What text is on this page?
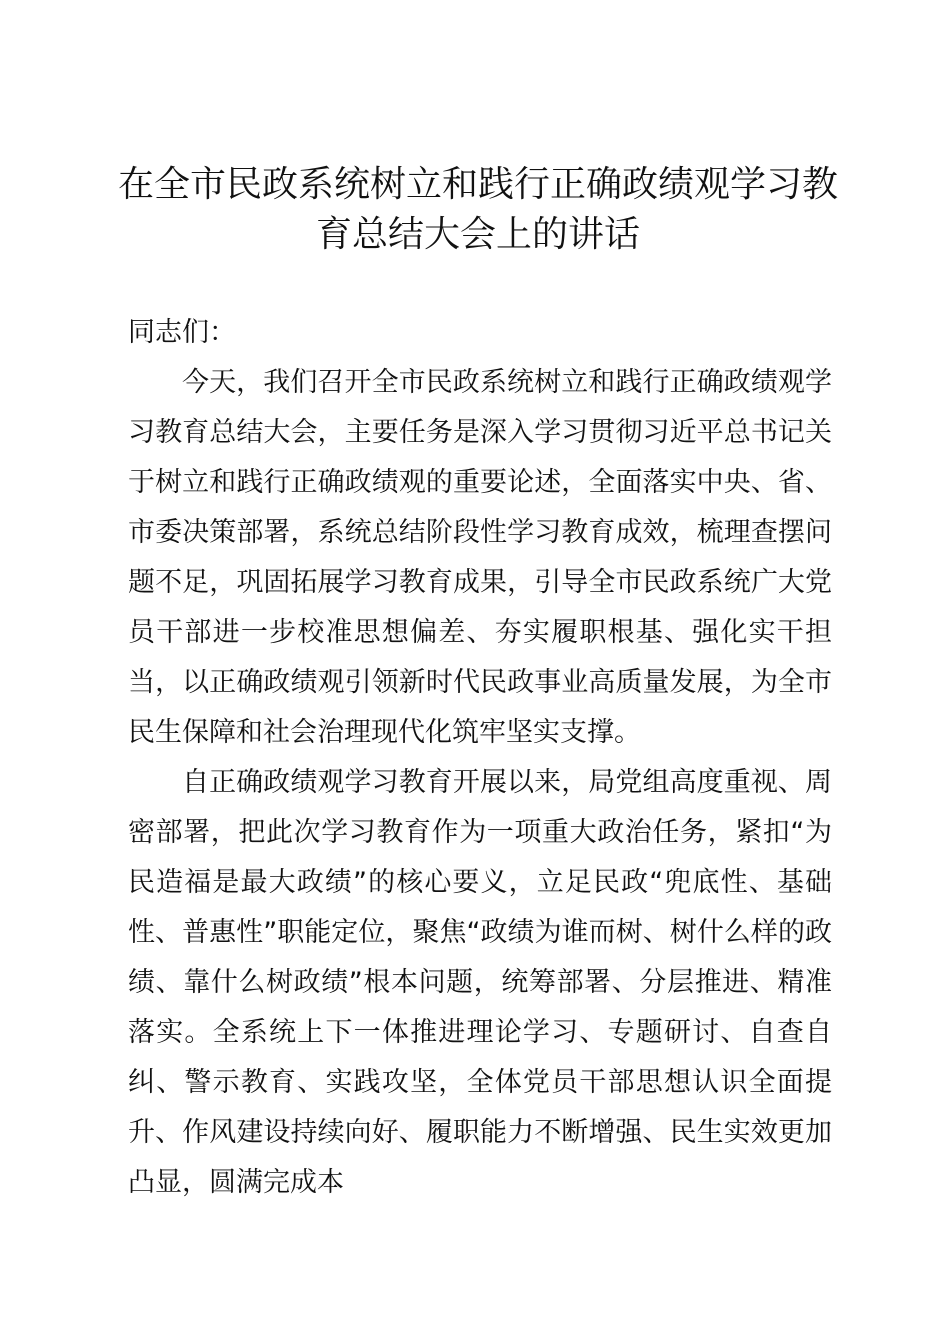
在全市民政系统树立和践行正确政绩观学习教育总结大会上的讲话

同志们：

今天，我们召开全市民政系统树立和践行正确政绩观学习教育总结大会，主要任务是深入学习贯彻习近平总书记关于树立和践行正确政绩观的重要论述，全面落实中央、省、市委决策部署，系统总结阶段性学习教育成效，梳理查摆问题不足，巩固拓展学习教育成果，引导全市民政系统广大党员干部进一步校准思想偏差、夯实履职根基、强化实干担当，以正确政绩观引领新时代民政事业高质量发展，为全市民生保障和社会治理现代化筑牢坚实支撑。

自正确政绩观学习教育开展以来，局党组高度重视、周密部署，把此次学习教育作为一项重大政治任务，紧扣“为民造福是最大政绩”的核心要义，立足民政“兜底性、基础性、普惠性”职能定位，聚焦“政绩为谁而树、树什么样的政绩、靠什么树政绩”根本问题，统筹部署、分层推进、精准落实。全系统上下一体推进理论学习、专题研讨、自查自纠、警示教育、实践攻坚，全体党员干部思想认识全面提升、作风建设持续向好、履职能力不断增强、民生实效更加凸显，圆满完成本
